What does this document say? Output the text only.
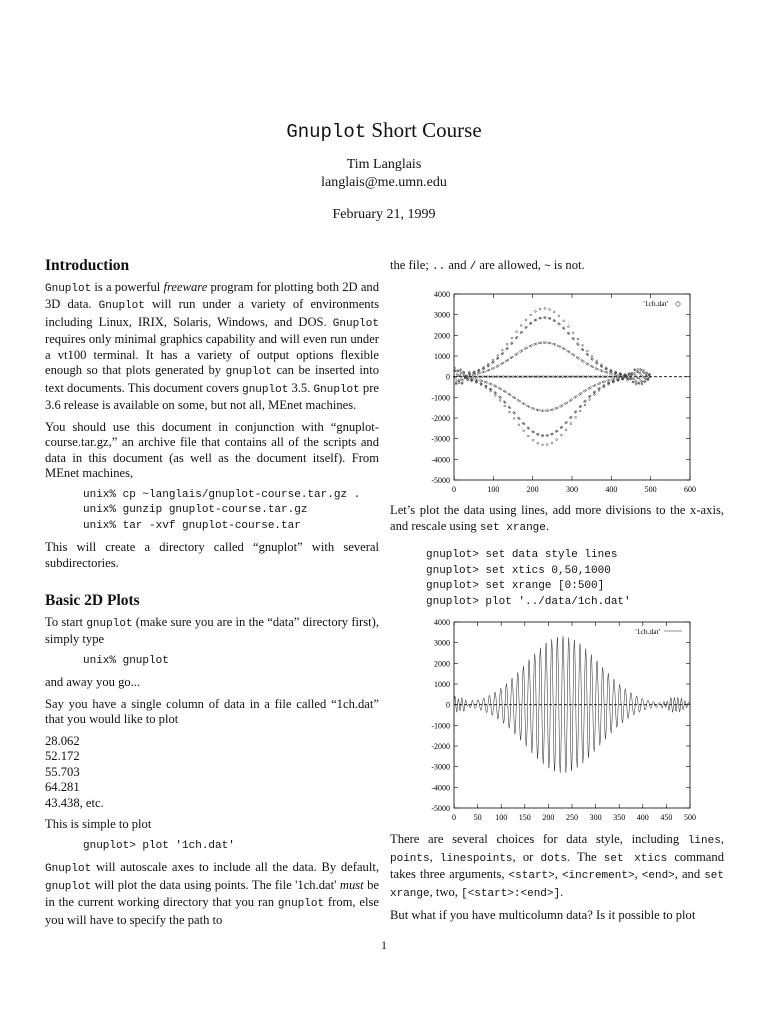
Gnuplot Short Course
Tim Langlais
langlais@me.umn.edu
February 21, 1999
Introduction

Gnuplot is a powerful freeware program for plotting both 2D and 3D data. Gnuplot will run under a variety of environments including Linux, IRIX, Solaris, Windows, and DOS. Gnuplot requires only minimal graphics capability and will even run under a vt100 terminal. It has a variety of output options flexible enough so that plots generated by gnuplot can be inserted into text documents. This document covers gnuplot 3.5. Gnuplot pre 3.6 release is available on some, but not all, MEnet machines.

You should use this document in conjunction with “gnuplot-course.tar.gz,” an archive file that contains all of the scripts and data in this document (as well as the document itself). From MEnet machines,

unix% cp ~langlais/gnuplot-course.tar.gz .
unix% gunzip gnuplot-course.tar.gz
unix% tar -xvf gnuplot-course.tar

This will create a directory called “gnuplot” with several subdirectories.

Basic 2D Plots

To start gnuplot (make sure you are in the “data” directory first), simply type

unix% gnuplot

and away you go...

Say you have a single column of data in a file called “1ch.dat” that you would like to plot

28.062
52.172
55.703
64.281
43.438, etc.

This is simple to plot

gnuplot> plot '1ch.dat'

Gnuplot will autoscale axes to include all the data. By default, gnuplot will plot the data using points. The file '1ch.dat' must be in the current working directory that you ran gnuplot from, else you will have to specify the path to

the file; .. and / are allowed, ~ is not.

Let’s plot the data using lines, add more divisions to the x-axis, and rescale using set xrange.

gnuplot> set data style lines
gnuplot> set xtics 0,50,1000
gnuplot> set xrange [0:500]
gnuplot> plot '../data/1ch.dat'

There are several choices for data style, including lines, points, linespoints, or dots. The set xtics command takes three arguments, <start>, <increment>, <end>, and set xrange, two, [<start>:<end>].

But what if you have multicolumn data? Is it possible to plot

4000
3000
2000
1000
0
-1000
-2000
-3000
-4000
-5000
0	100	200	300	400	500	600
'1ch.dat' ◇
4000
3000
2000
1000
0
-1000
-2000
-3000
-4000
-5000
0 50 100 150 200 250 300 350 400 450 500
'1ch.dat'
1
